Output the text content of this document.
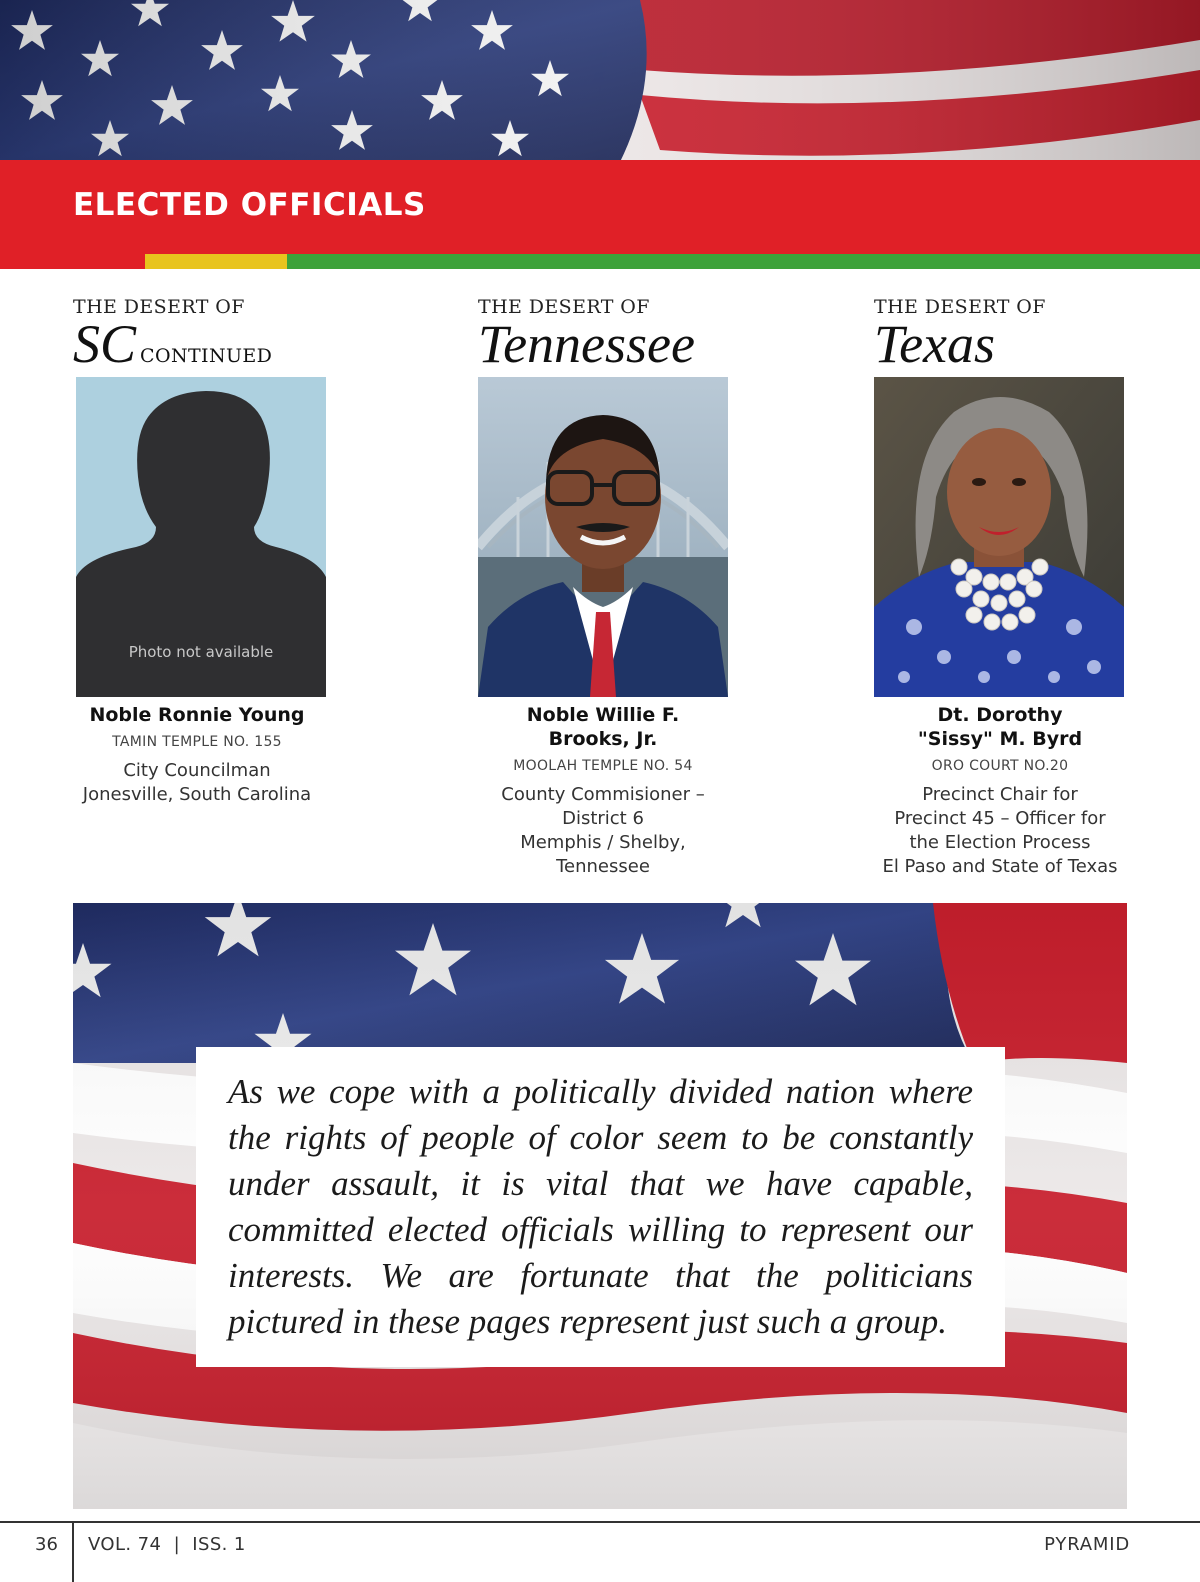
ELECTED OFFICIALS
THE DESERT OF
SC CONTINUED
THE DESERT OF
Tennessee
THE DESERT OF
Texas
Photo not available
Noble Ronnie Young
TAMIN TEMPLE NO. 155
City Councilman
Jonesville, South Carolina
Noble Willie F.
Brooks, Jr.
MOOLAH TEMPLE NO. 54
County Commisioner –
District 6
Memphis / Shelby,
Tennessee
Dt. Dorothy
"Sissy" M. Byrd
ORO COURT NO.20
Precinct Chair for
Precinct 45 – Officer for
the Election Process
El Paso and State of Texas
As we cope with a politically divided nation where the rights of people of color seem to be constantly under assault, it is vital that we have capable, committed elected officials willing to represent our interests. We are fortunate that the politicians pictured in these pages represent just such a group.
36 VOL. 74  |  ISS. 1	PYRAMID
